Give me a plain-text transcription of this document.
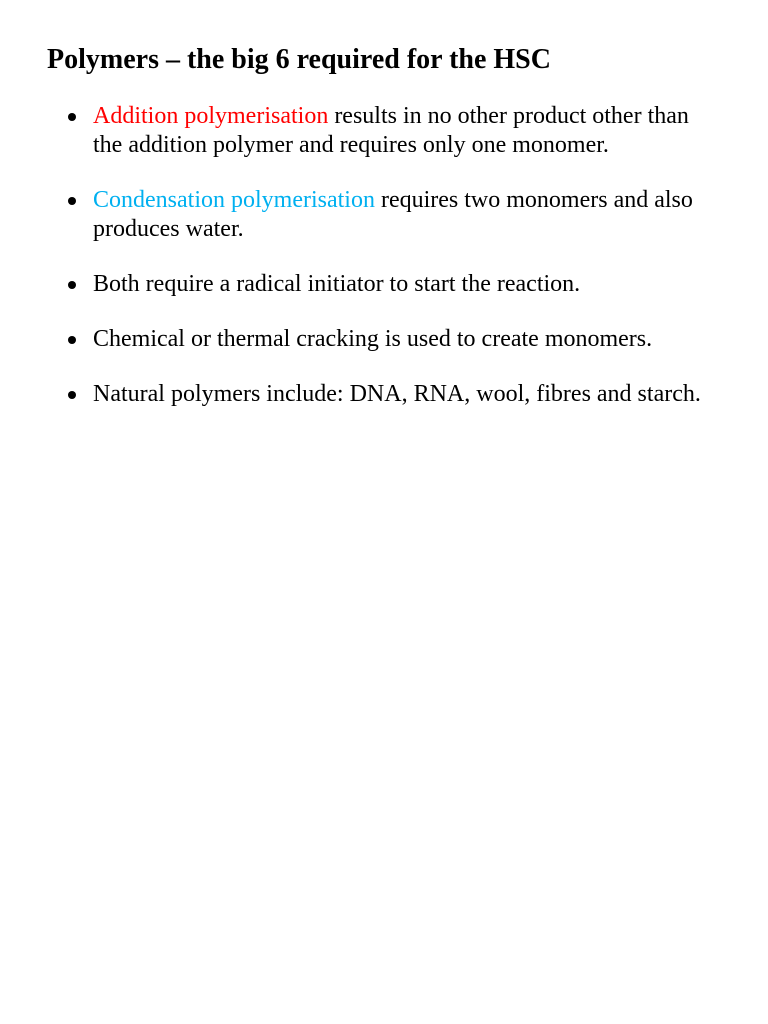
Polymers – the big 6 required for the HSC
Addition polymerisation results in no other product other than the addition polymer and requires only one monomer.
Condensation polymerisation requires two monomers and also produces water.
Both require a radical initiator to start the reaction.
Chemical or thermal cracking is used to create monomers.
Natural polymers include: DNA, RNA, wool, fibres and starch.
